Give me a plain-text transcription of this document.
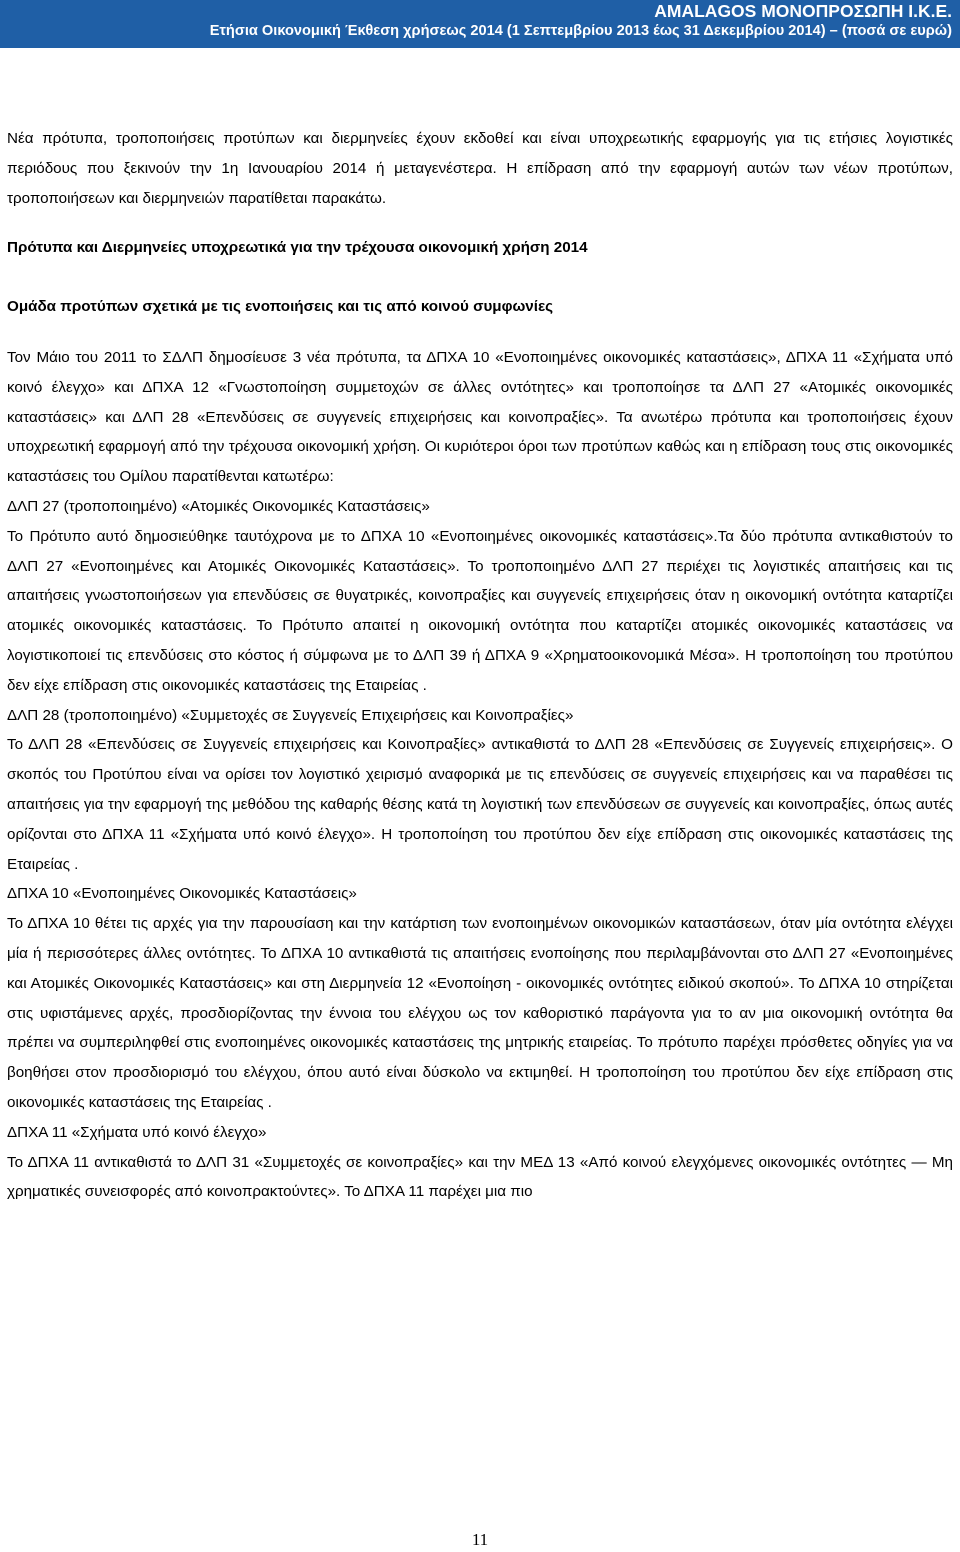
AMALAGOS ΜΟΝΟΠΡΟΣΩΠΗ Ι.Κ.Ε.
Ετήσια Οικονομική Έκθεση χρήσεως 2014 (1 Σεπτεμβρίου 2013 έως 31 Δεκεμβρίου 2014) – (ποσά σε ευρώ)

Νέα πρότυπα, τροποποιήσεις προτύπων και διερμηνείες έχουν εκδοθεί και είναι υποχρεωτικής εφαρμογής για τις ετήσιες λογιστικές περιόδους που ξεκινούν την 1η Ιανουαρίου 2014 ή μεταγενέστερα. Η επίδραση από την εφαρμογή αυτών των νέων προτύπων, τροποποιήσεων και διερμηνειών παρατίθεται παρακάτω.

Πρότυπα και Διερμηνείες υποχρεωτικά για την τρέχουσα οικονομική χρήση 2014
Ομάδα προτύπων σχετικά με τις ενοποιήσεις και τις από κοινού συμφωνίες

Τον Μάιο του 2011 το ΣΔΛΠ δημοσίευσε 3 νέα πρότυπα, τα ΔΠΧΑ 10 «Ενοποιημένες οικονομικές καταστάσεις», ΔΠΧΑ 11 «Σχήματα υπό κοινό έλεγχο» και ΔΠΧΑ 12 «Γνωστοποίηση συμμετοχών σε άλλες οντότητες» και τροποποίησε τα ΔΛΠ 27 «Ατομικές οικονομικές καταστάσεις» και ΔΛΠ 28 «Επενδύσεις σε συγγενείς επιχειρήσεις και κοινοπραξίες». Τα ανωτέρω πρότυπα και τροποποιήσεις έχουν υποχρεωτική εφαρμογή από την τρέχουσα οικονομική χρήση. Οι κυριότεροι όροι των προτύπων καθώς και η επίδραση τους στις οικονομικές καταστάσεις του Ομίλου παρατίθενται κατωτέρω:

ΔΛΠ 27 (τροποποιημένο) «Ατομικές Οικονομικές Καταστάσεις»

Το Πρότυπο αυτό δημοσιεύθηκε ταυτόχρονα με το ΔΠΧΑ 10 «Ενοποιημένες οικονομικές καταστάσεις».Τα δύο πρότυπα αντικαθιστούν το ΔΛΠ 27 «Ενοποιημένες και Ατομικές Οικονομικές Καταστάσεις». Το τροποποιημένο ΔΛΠ 27 περιέχει τις λογιστικές απαιτήσεις και τις απαιτήσεις γνωστοποιήσεων για επενδύσεις σε θυγατρικές, κοινοπραξίες και συγγενείς επιχειρήσεις όταν η οικονομική οντότητα καταρτίζει ατομικές οικονομικές καταστάσεις. Το Πρότυπο απαιτεί η οικονομική οντότητα που καταρτίζει ατομικές οικονομικές καταστάσεις να λογιστικοποιεί τις επενδύσεις στο κόστος ή σύμφωνα με το ΔΛΠ 39 ή ΔΠΧΑ 9 «Χρηματοοικονομικά Μέσα». Η τροποποίηση του προτύπου δεν είχε επίδραση στις οικονομικές καταστάσεις της Εταιρείας .

ΔΛΠ 28 (τροποποιημένο) «Συμμετοχές σε Συγγενείς Επιχειρήσεις και Κοινοπραξίες»

Το ΔΛΠ 28 «Επενδύσεις σε Συγγενείς επιχειρήσεις και Κοινοπραξίες» αντικαθιστά το ΔΛΠ 28 «Επενδύσεις σε Συγγενείς επιχειρήσεις». Ο σκοπός του Προτύπου είναι να ορίσει τον λογιστικό χειρισμό αναφορικά με τις επενδύσεις σε συγγενείς επιχειρήσεις και να παραθέσει τις απαιτήσεις για την εφαρμογή της μεθόδου της καθαρής θέσης κατά τη λογιστική των επενδύσεων σε συγγενείς και κοινοπραξίες, όπως αυτές ορίζονται στο ΔΠΧΑ 11 «Σχήματα υπό κοινό έλεγχο». Η τροποποίηση του προτύπου δεν είχε επίδραση στις οικονομικές καταστάσεις της Εταιρείας .

ΔΠΧΑ 10 «Ενοποιημένες Οικονομικές Καταστάσεις»

Το ΔΠΧΑ 10 θέτει τις αρχές για την παρουσίαση και την κατάρτιση των ενοποιημένων οικονομικών καταστάσεων, όταν μία οντότητα ελέγχει μία ή περισσότερες άλλες οντότητες. Το ΔΠΧΑ 10 αντικαθιστά τις απαιτήσεις ενοποίησης που περιλαμβάνονται στο ΔΛΠ 27 «Ενοποιημένες και Ατομικές Οικονομικές Καταστάσεις» και στη Διερμηνεία 12 «Ενοποίηση - οικονομικές οντότητες ειδικού σκοπού». Το ΔΠΧΑ 10 στηρίζεται στις υφιστάμενες αρχές, προσδιορίζοντας την έννοια του ελέγχου ως τον καθοριστικό παράγοντα για το αν μια οικονομική οντότητα θα πρέπει να συμπεριληφθεί στις ενοποιημένες οικονομικές καταστάσεις της μητρικής εταιρείας. Το πρότυπο παρέχει πρόσθετες οδηγίες για να βοηθήσει στον προσδιορισμό του ελέγχου, όπου αυτό είναι δύσκολο να εκτιμηθεί. Η τροποποίηση του προτύπου δεν είχε επίδραση στις οικονομικές καταστάσεις της Εταιρείας .

ΔΠΧΑ 11 «Σχήματα υπό κοινό έλεγχο»

Το ΔΠΧΑ 11 αντικαθιστά το ΔΛΠ 31 «Συμμετοχές σε κοινοπραξίες» και την ΜΕΔ 13 «Από κοινού ελεγχόμενες οικονομικές οντότητες — Μη χρηματικές συνεισφορές από κοινοπρακτούντες». Το ΔΠΧΑ 11 παρέχει μια πιο

11
